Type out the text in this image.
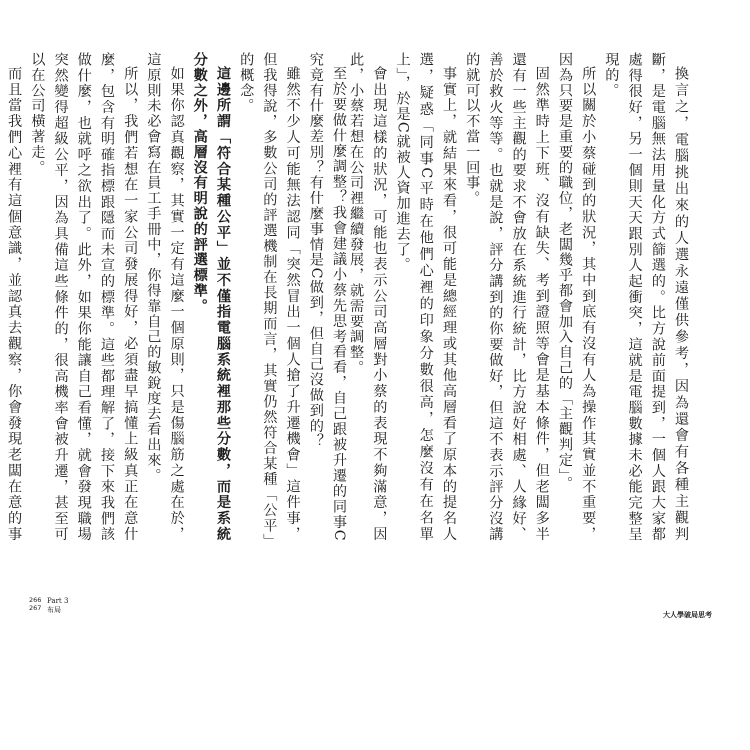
換言之，電腦挑出來的人選永遠僅供參考，因為還會有各種主觀判斷，是電腦無法用量化方式篩選的。比方說前面提到，一個人跟大家都處得很好，另一個則天天跟別人起衝突，這就是電腦數據未必能完整呈現的。

所以關於小蔡碰到的狀況，其中到底有沒有人為操作其實並不重要，因為只要是重要的職位，老闆幾乎都會加入自己的「主觀判定」。

固然準時上下班、沒有缺失、考到證照等會是基本條件，但老闆多半還有一些主觀的要求不會放在系統進行統計，比方說好相處、人緣好、善於救火等等。也就是說，評分講到的你要做好，但這不表示評分沒講的就可以不當一回事。

事實上，就結果來看，很可能是總經理或其他高層看了原本的提名人選，疑惑「同事C平時在他們心裡的印象分數很高，怎麼沒有在名單上」，於是C就被人資加進去了。

會出現這樣的狀況，可能也表示公司高層對小蔡的表現不夠滿意，因此，小蔡若想在公司裡繼續發展，就需要調整。

至於要做什麼調整？我會建議小蔡先思考看看，自己跟被升遷的同事C究竟有什麼差別？有什麼事情是C做到，但自己沒做到的？

雖然不少人可能無法認同「突然冒出一個人搶了升遷機會」這件事，但我得說，多數公司的評選機制在長期而言，其實仍然符合某種「公平」的概念。

這邊所謂「符合某種公平」並不僅指電腦系統裡那些分數，而是系統分數之外，高層沒有明說的評選標準。

如果你認真觀察，其實一定有這麼一個原則，只是傷腦筋之處在於，這原則未必會寫在員工手冊中，你得靠自己的敏銳度去看出來。

所以，我們若想在一家公司發展得好，必須盡早搞懂上級真正在意什麼，包含有明確指標跟隱而未宣的標準。這些都理解了，接下來我們該做什麼，也就呼之欲出了。此外，如果你能讓自己看懂，就會發現職場突然變得超級公平，因為具備這些條件的，很高機率會被升遷，甚至可以在公司橫著走。

而且當我們心裡有這個意識，並認真去觀察，你會發現老闆在意的事

266
267
Part 3
布局
大人學破局思考
